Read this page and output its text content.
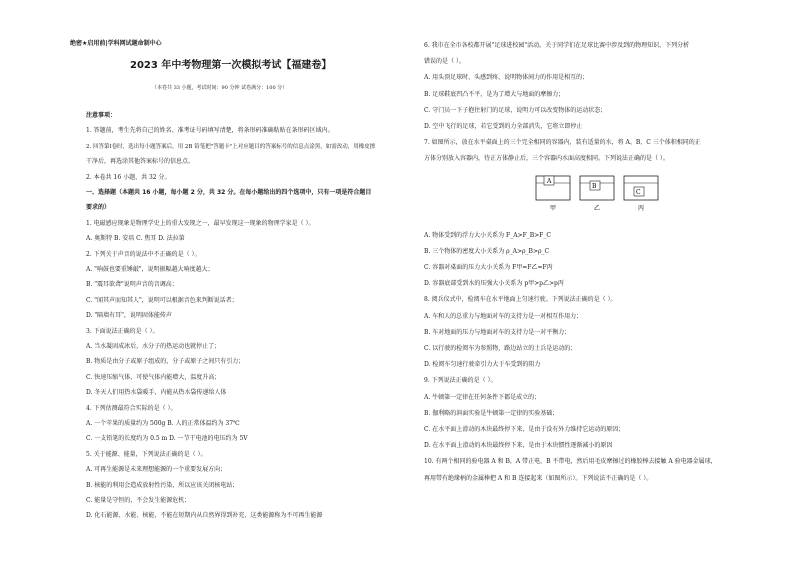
绝密★启用前|学科网试题命制中心
2023 年中考物理第一次模拟考试【福建卷】
（本卷共 33 小题，考试时间：90 分钟 试卷满分：100 分）
注意事项：
1. 答题前，考生先将自己的姓名、准考证号码填写清楚，将条形码准确粘贴在条形码区域内。
2. 回答第Ⅰ卷时，选出每小题答案后，用 2B 铅笔把"答题卡"上对应题目的答案标号的信息点涂黑，如需改动，用橡皮擦
干净后，再选涂其他答案标号的信息点。
2. 本卷共 16 小题，共 32 分。
一、选择题（本题共 16 小题，每小题 2 分，共 32 分。在每小题给出的四个选项中，只有一项是符合题目
要求的）
1. 电磁感应现象是物理学史上的重大发现之一，最早发现这一现象的物理学家是（ ）。
A. 奥斯特 B. 安培 C. 焦耳 D. 法拉第
2. 下列关于声音的说法中不正确的是（ ）。
A. "响鼓也要重锤敲"，说明振幅越大响度越大；
B. "震耳欲聋"说明声音的音调高；
C. "闻其声而知其人"，说明可以根据音色来判断说话者；
D. "隔墙有耳"，说明固体能传声
3. 下面说法正确的是（ ）。
A. 当水凝固成冰后，水分子的热运动也就停止了；
B. 物质是由分子或原子组成的，分子或原子之间只有引力；
C. 快速压缩气体，可使气体内能增大，温度升高；
D. 冬天人们用热水袋暖手，内能从热水袋传递给人体
4. 下列估测最符合实际的是（ ）。
A. 一个苹果的质量约为 500g B. 人的正常体温约为 37℃
C. 一支铅笔的长度约为 0.5 m D. 一节干电池的电压约为 5V
5. 关于能源、能量，下列说法正确的是（ ）。
A. 可再生能源是未来理想能源的一个重要发展方向；
B. 核能的利用会造成放射性污染，所以应该关闭核电站；
C. 能量是守恒的，不会发生能源危机；
D. 化石能源、水能、核能，不能在短期内从自然界得到补充，这类能源称为不可再生能源
6. 我市在全市各校都开展"足球进校园"活动。关于同学们在足球比赛中涉及到的物理知识，下列分析
错误的是（ ）。
A. 用头顶足球时，头感到疼，说明物体间力的作用是相互的；
B. 足球鞋底凹凸不平，是为了增大与地面的摩擦力；
C. 守门员一下子抱住射门的足球，说明力可以改变物体的运动状态；
D. 空中飞行的足球，若它受到的力全部消失，它将立即停止
7. 如图所示，放在水平桌面上的三个完全相同的容器内，装有适量的水，将 A、B、C 三个体积相同的正
方体分别放入容器内，待正方体静止后，三个容器内水面高度相同。下列说法正确的是（ ）。
A. 物体受到的浮力大小关系为 F_A>F_B>F_C
B. 三个物体的密度大小关系为 ρ_A>ρ_B>ρ_C
C. 容器对桌面的压力大小关系为 F甲=F乙=F丙
D. 容器底部受到水的压强大小关系为 p甲>p乙>p丙
8. 阅兵仪式中，检阅车在水平地面上匀速行驶。下列说法正确的是（ ）。
A. 车和人的总重力与地面对车的支持力是一对相互作用力；
B. 车对地面的压力与地面对车的支持力是一对平衡力；
C. 以行驶的检阅车为参照物，路边站立的士兵是运动的；
D. 检阅车匀速行驶牵引力大于车受到的阻力
9. 下列说法正确的是（ ）。
A. 牛顿第一定律在任何条件下都是成立的；
B. 伽利略的斜面实验是牛顿第一定律的实验基础；
C. 在水平面上滑动的木块最终停下来，是由于没有外力维持它运动的原因；
D. 在水平面上滑动的木块最终停下来，是由于木块惯性逐渐减小的原因
10. 有两个相同的验电器 A 和 B，A 带正电，B 不带电，然后用毛皮摩擦过的橡胶棒去接触 A 验电器金属球，
再用带有绝缘柄的金属棒把 A 和 B 连接起来（如图所示）。下列说法不正确的是（ ）。
A
甲
B
乙
C
丙
